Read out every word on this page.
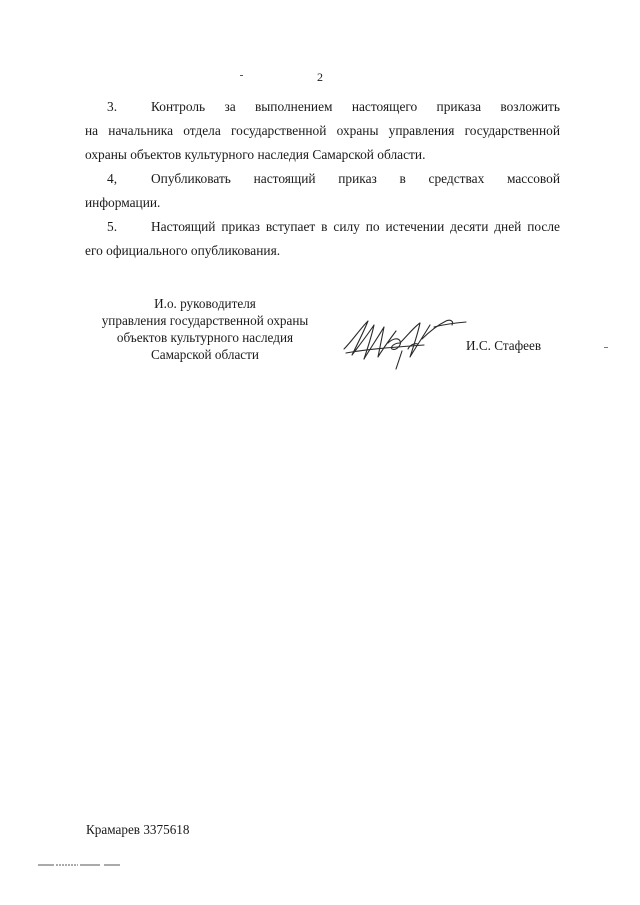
2
3.	Контроль за выполнением настоящего приказа возложить
на начальника отдела государственной охраны управления государственной охраны объектов культурного наследия Самарской области.
4,	Опубликовать настоящий приказ в средствах массовой
информации.
5.	Настоящий приказ вступает в силу по истечении десяти дней после
его официального опубликования.
И.о. руководителя
управления государственной охраны
объектов культурного наследия
Самарской области
И.С. Стафеев
Крамарев 3375618
